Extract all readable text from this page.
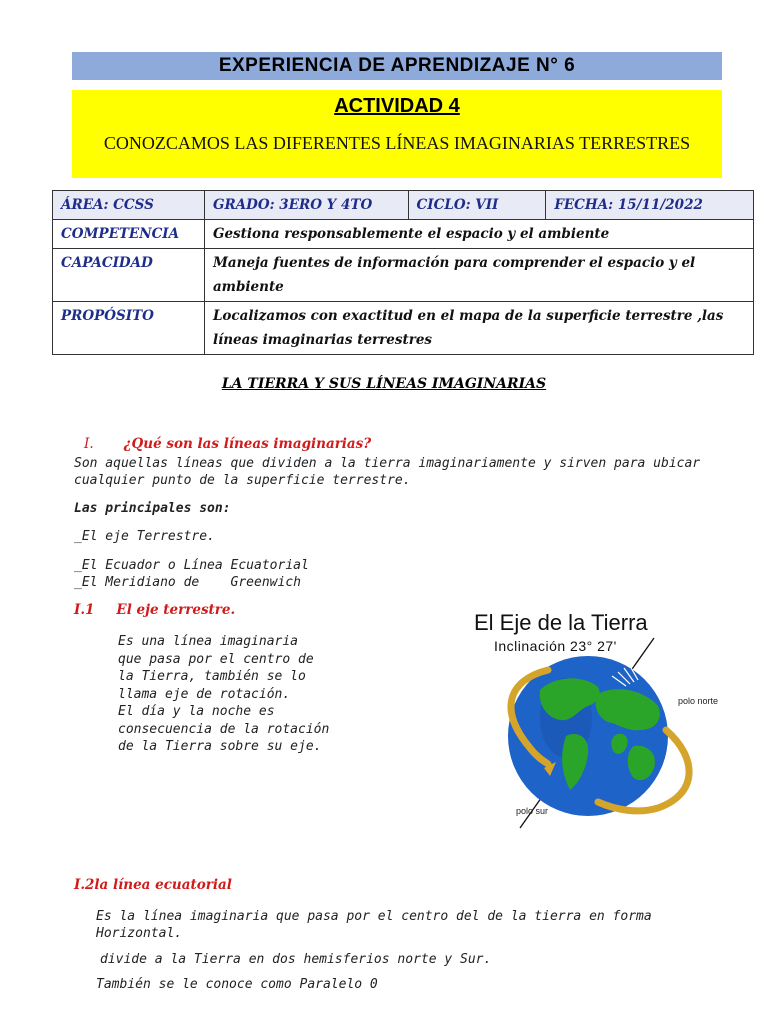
EXPERIENCIA DE APRENDIZAJE N° 6
ACTIVIDAD 4
CONOZCAMOS LAS DIFERENTES LÍNEAS IMAGINARIAS TERRESTRES
ÁREA: CCSS	GRADO: 3ERO Y 4TO	CICLO: VII	FECHA: 15/11/2022
COMPETENCIA	Gestiona responsablemente el espacio y el ambiente		
CAPACIDAD	Maneja fuentes de información para comprender el espacio y el ambiente		
PROPÓSITO	Localizamos con exactitud en el mapa de la superficie terrestre ,las líneas imaginarias terrestres		
LA TIERRA Y SUS LÍNEAS IMAGINARIAS
I. ¿Qué son las líneas imaginarias?
Son aquellas líneas que dividen a la tierra imaginariamente y sirven para ubicar cualquier punto de la superficie terrestre.
Las principales son:
_El eje Terrestre.
_El Ecuador o Línea Ecuatorial
_El Meridiano de    Greenwich
I.1 El eje terrestre.
Es una línea imaginaria
que pasa por el centro de
la Tierra, también se lo
llama eje de rotación.
El día y la noche es
consecuencia de la rotación
de la Tierra sobre su eje.
El Eje de la Tierra
Inclinación 23° 27'
polo norte
polo sur
I.2la línea ecuatorial
Es la línea imaginaria que pasa por el centro del de la tierra en forma Horizontal.
divide a la Tierra en dos hemisferios norte y Sur.
También se le conoce como Paralelo 0
